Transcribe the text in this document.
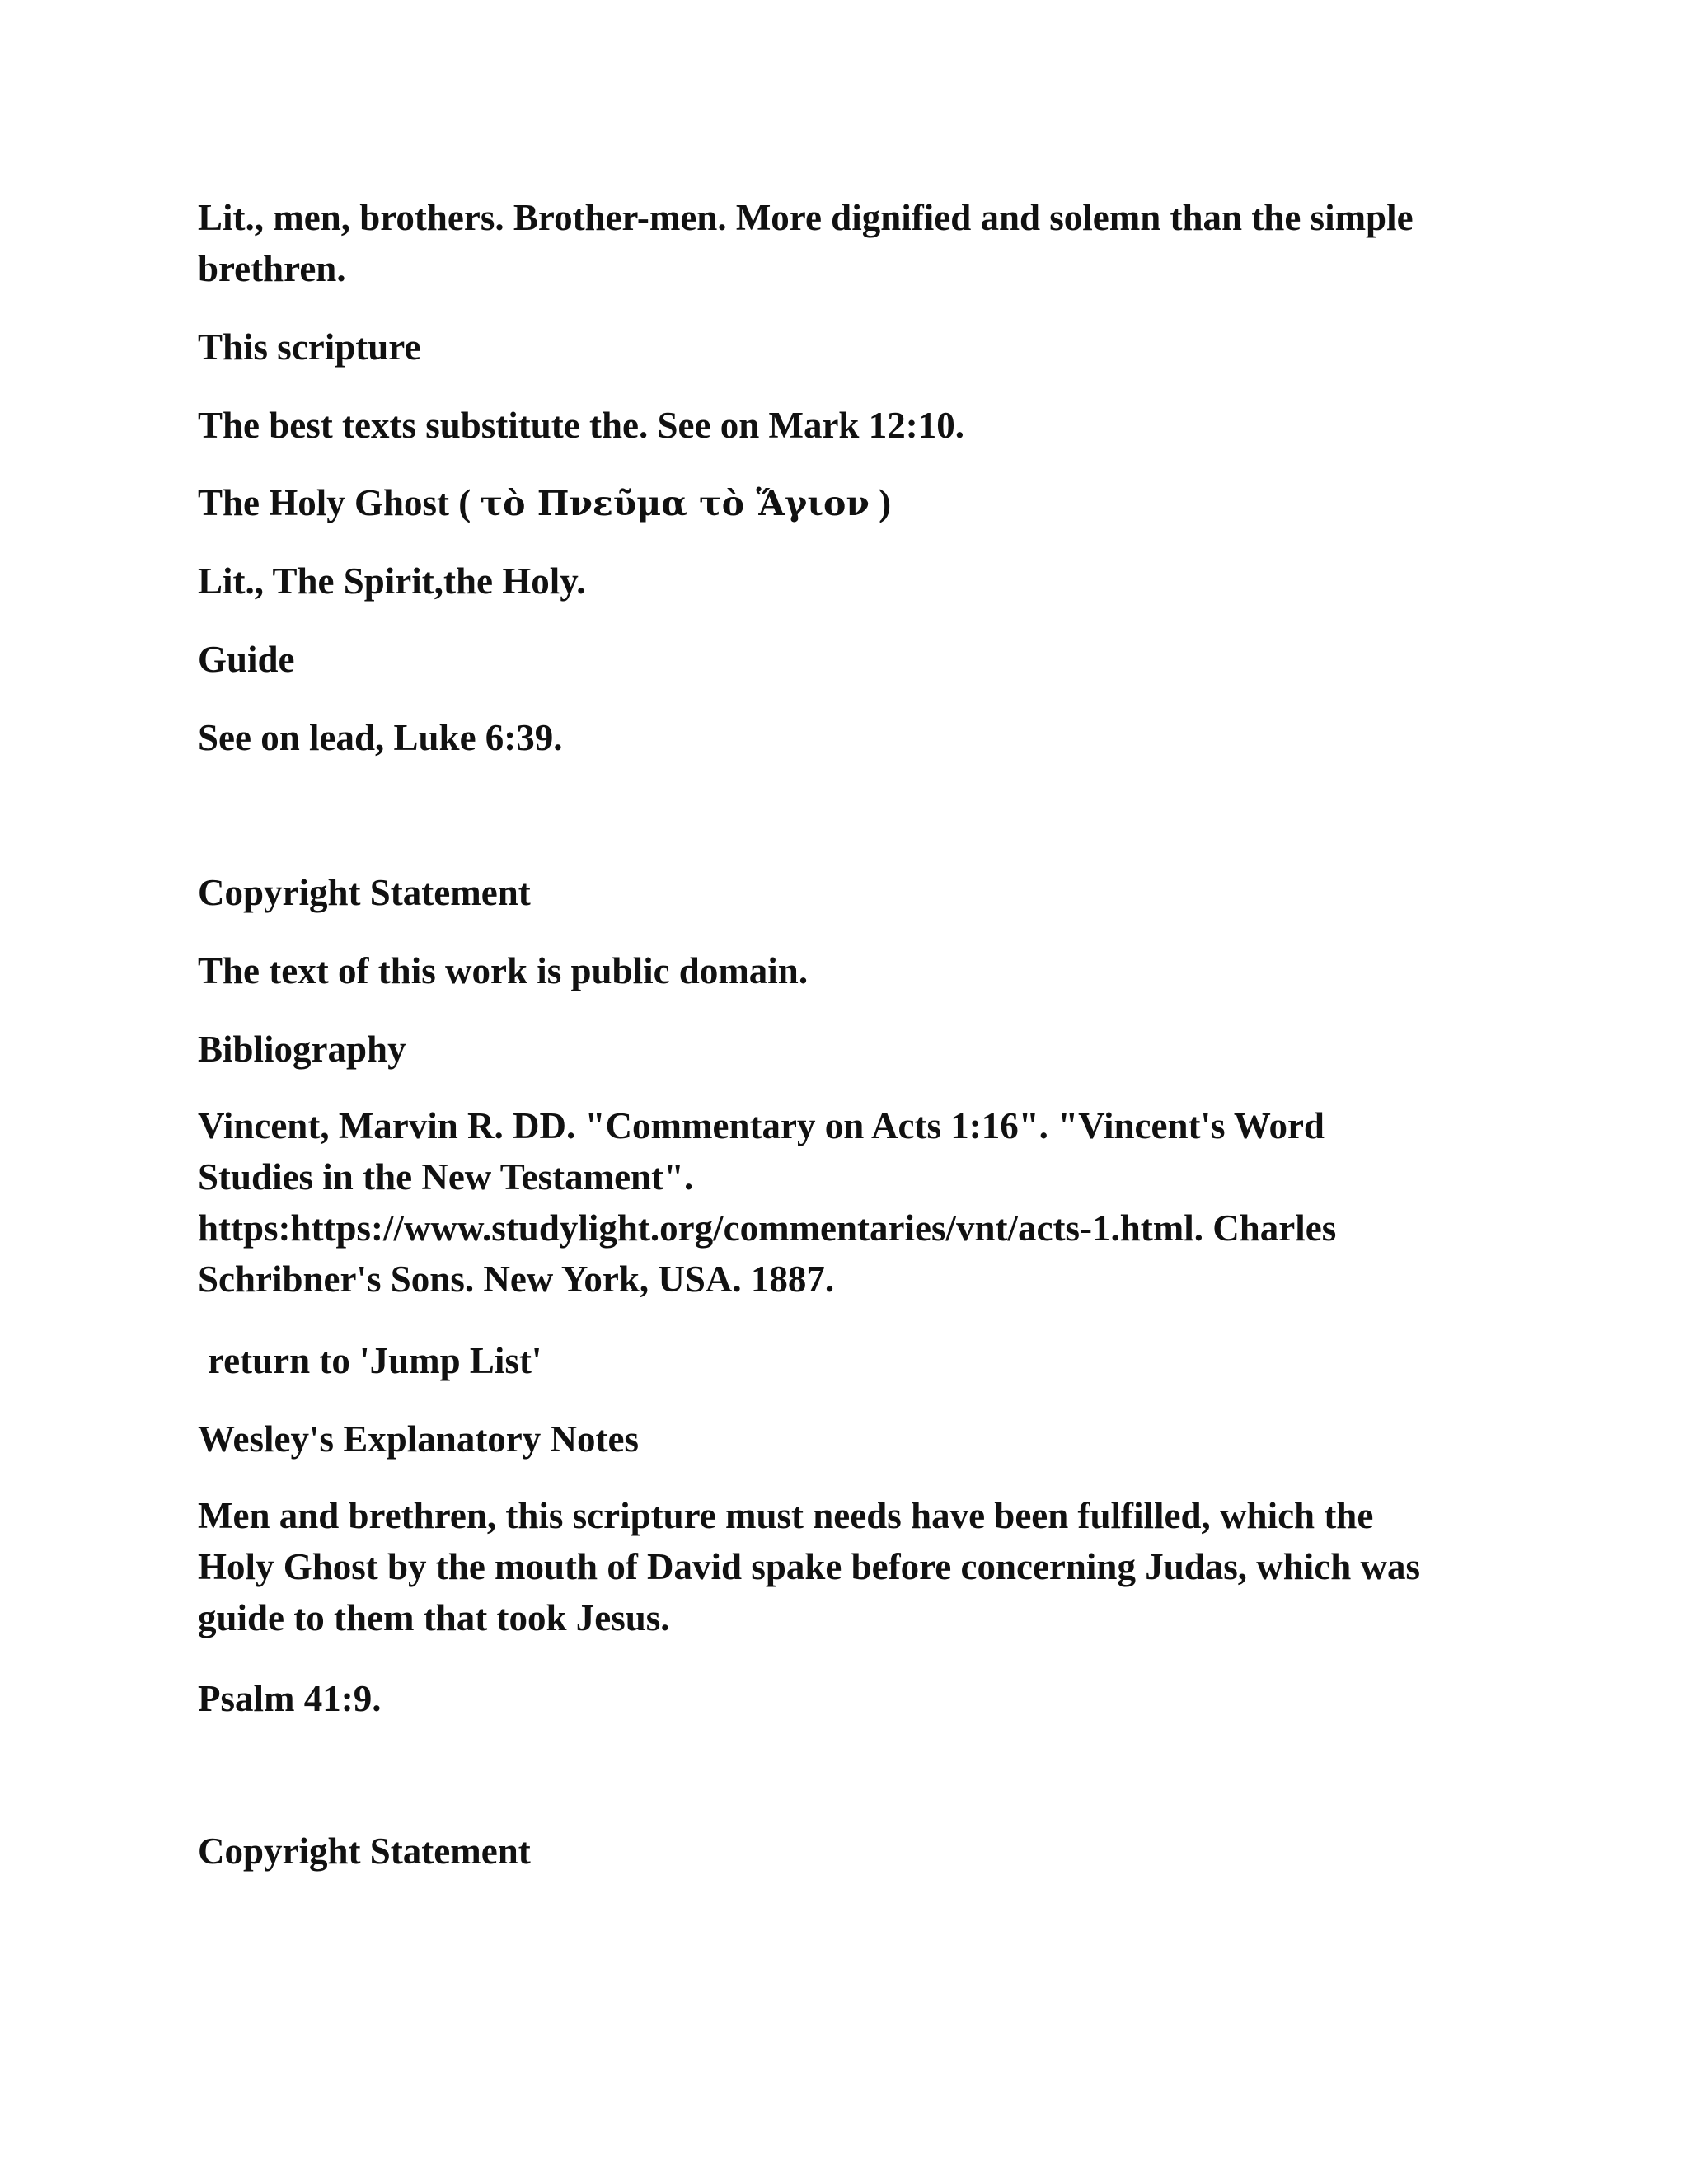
Lit., men, brothers. Brother-men. More dignified and solemn than the simple
brethren.

This scripture

The best texts substitute the. See on Mark 12:10.

The Holy Ghost ( τὸ Πνεῦμα τὸ Ἅγιον )

Lit., The Spirit,the Holy.

Guide

See on lead, Luke 6:39.

Copyright Statement

The text of this work is public domain.

Bibliography

Vincent, Marvin R. DD. "Commentary on Acts 1:16". "Vincent's Word
Studies in the New Testament".
https:https://www.studylight.org/commentaries/vnt/acts-1.html. Charles
Schribner's Sons. New York, USA. 1887.

return to 'Jump List'

Wesley's Explanatory Notes

Men and brethren, this scripture must needs have been fulfilled, which the
Holy Ghost by the mouth of David spake before concerning Judas, which was
guide to them that took Jesus.

Psalm 41:9.

Copyright Statement
